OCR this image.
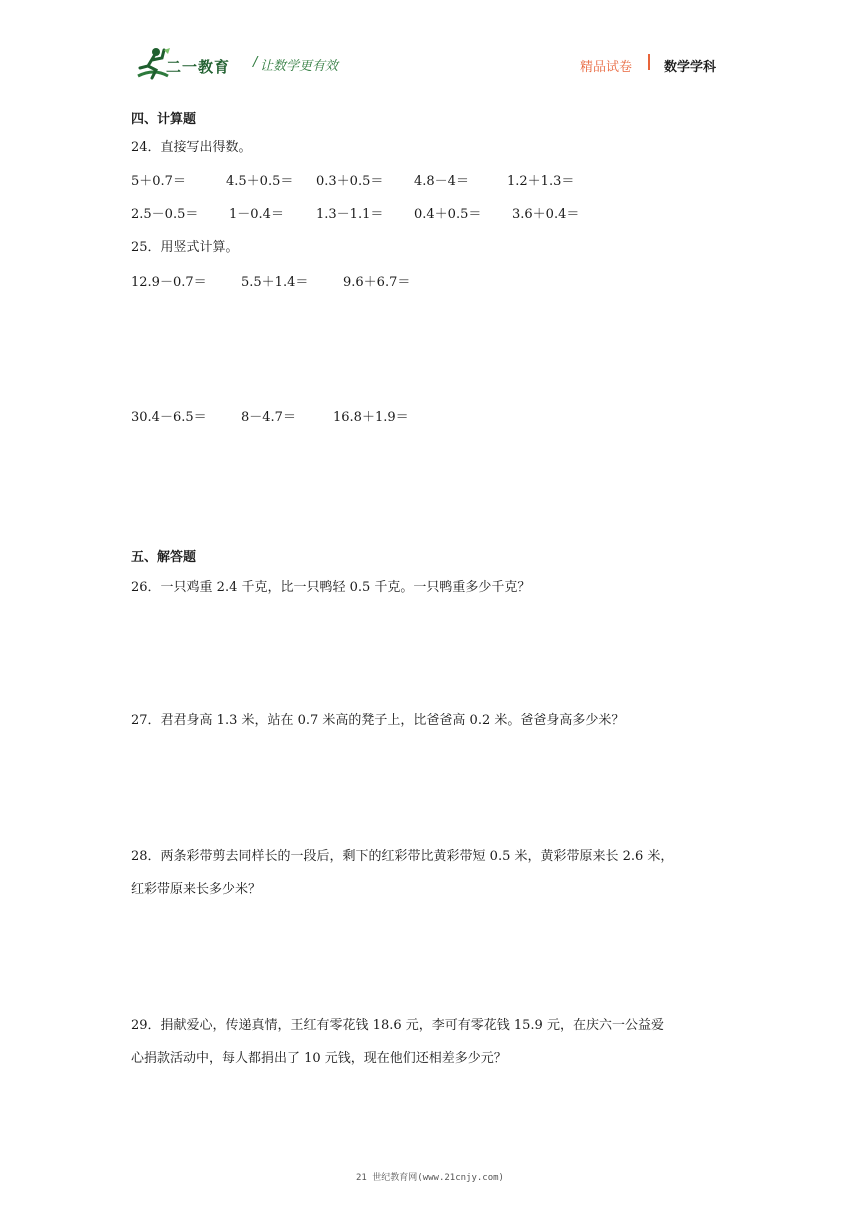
二一教育 / 让数学更有效	精品试卷 数学学科
四、计算题
24．直接写出得数。
5＋0.7＝	4.5＋0.5＝ 0.3＋0.5＝ 4.8－4＝	1.2＋1.3＝
2.5－0.5＝ 1－0.4＝ 1.3－1.1＝ 0.4＋0.5＝ 3.6＋0.4＝
25．用竖式计算。
12.9－0.7＝	5.5＋1.4＝	9.6＋6.7＝
30.4－6.5＝	8－4.7＝	16.8＋1.9＝
五、解答题
26．一只鸡重 2.4 千克，比一只鸭轻 0.5 千克。一只鸭重多少千克？
27．君君身高 1.3 米，站在 0.7 米高的凳子上，比爸爸高 0.2 米。爸爸身高多少米？
28．两条彩带剪去同样长的一段后，剩下的红彩带比黄彩带短 0.5 米，黄彩带原来长 2.6 米，
红彩带原来长多少米？
29．捐献爱心，传递真情，王红有零花钱 18.6 元，李可有零花钱 15.9 元，在庆六一公益爱
心捐款活动中，每人都捐出了 10 元钱，现在他们还相差多少元？
21 世纪教育网(www.21cnjy.com)
